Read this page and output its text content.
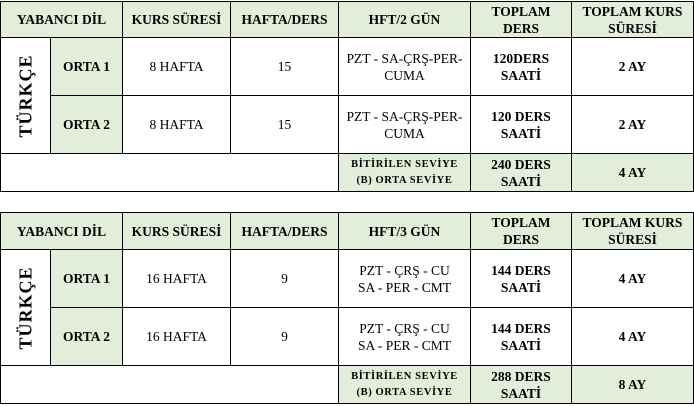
YABANCI DİL		KURS SÜRESİ	HAFTA/DERS	HFT/2 GÜN	TOPLAM DERS	TOPLAM KURS SÜRESİ

TÜRKÇE	ORTA 1	8 HAFTA	15	PZT - SA-ÇRŞ-PER-CUMA	120DERS SAATİ	2 AY
	ORTA 2	8 HAFTA	15	PZT - SA-ÇRŞ-PER-CUMA	120 DERS SAATİ	2 AY

				BİTİRİLEN SEVİYE
(B) ORTA SEVİYE	240 DERS SAATİ	4 AY
YABANCI DİL		KURS SÜRESİ	HAFTA/DERS	HFT/3 GÜN	TOPLAM DERS	TOPLAM KURS SÜRESİ

TÜRKÇE	ORTA 1	16 HAFTA	9	PZT - ÇRŞ - CU
SA - PER - CMT	144 DERS SAATİ	4 AY
	ORTA 2	16 HAFTA	9	PZT - ÇRŞ - CU
SA - PER - CMT	144 DERS SAATİ	4 AY

				BİTİRİLEN SEVİYE
(B) ORTA SEVİYE	288 DERS SAATİ	8 AY
